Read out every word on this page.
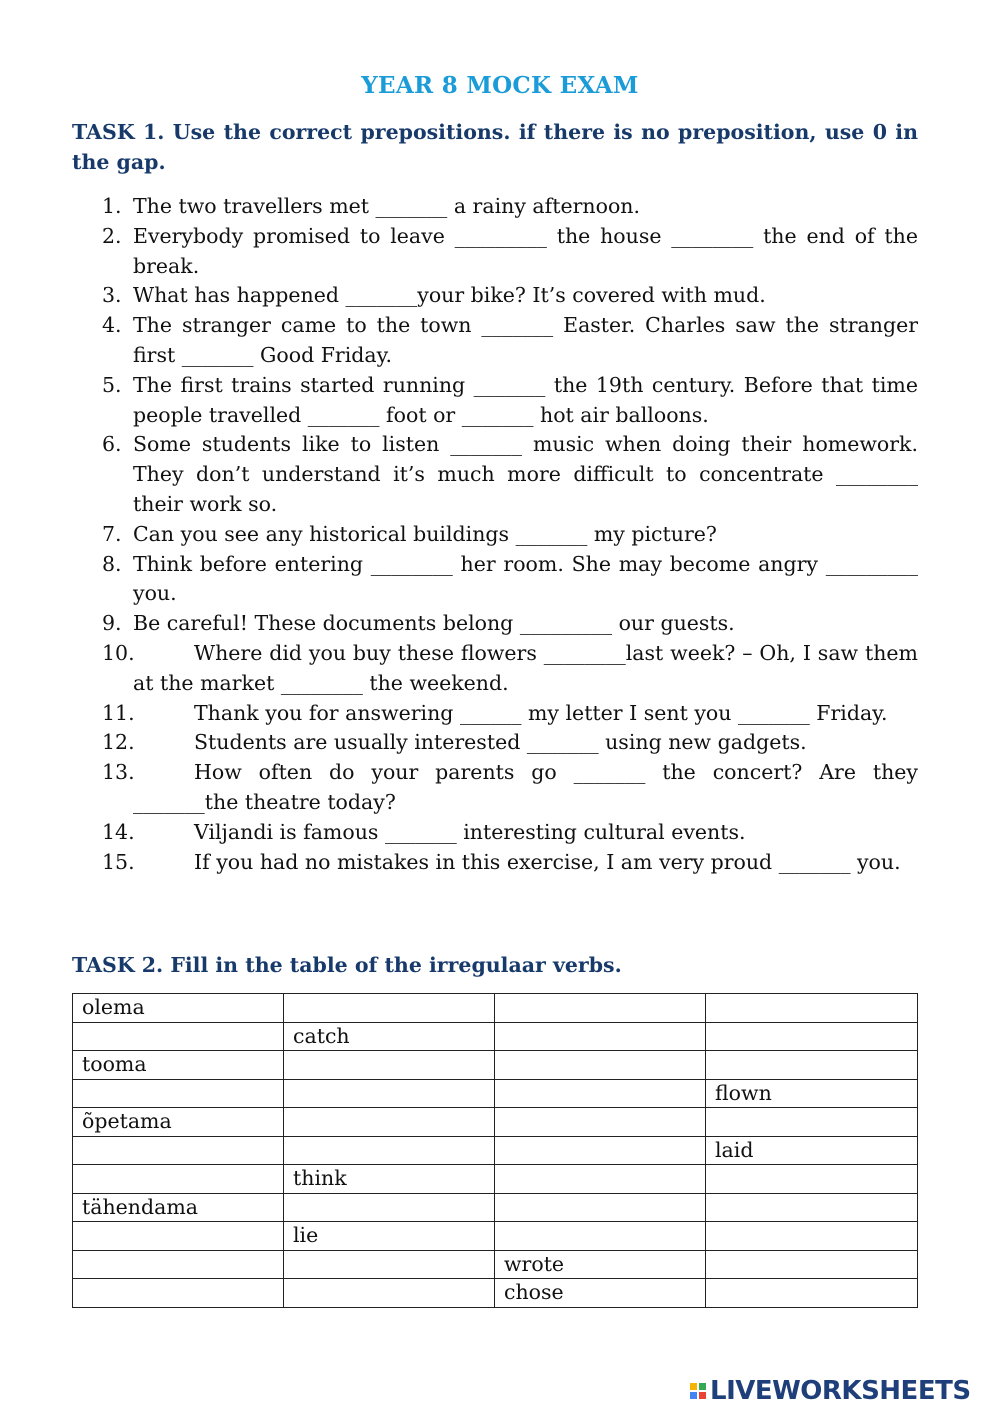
YEAR 8 MOCK EXAM
TASK 1. Use the correct prepositions. if there is no preposition, use 0 in the gap.
1. The two travellers met _______ a rainy afternoon.
2. Everybody promised to leave _________ the house ________ the end of the break.
3. What has happened _______your bike? It’s covered with mud.
4. The stranger came to the town _______ Easter. Charles saw the stranger first _______ Good Friday.
5. The first trains started running _______ the 19th century. Before that time people travelled _______ foot or _______ hot air balloons.
6. Some students like to listen _______ music when doing their homework. They don’t understand it’s much more difficult to concentrate ________ their work so.
7. Can you see any historical buildings _______ my picture?
8. Think before entering ________ her room. She may become angry _________ you.
9. Be careful! These documents belong _________ our guests.
10.	Where did you buy these flowers ________last week? – Oh, I saw them at the market ________ the weekend.
11.	Thank you for answering ______ my letter I sent you _______ Friday.
12.	Students are usually interested _______ using new gadgets.
13.	How often do your parents go _______ the concert? Are they _______the theatre today?
14.	Viljandi is famous _______ interesting cultural events.
15.	If you had no mistakes in this exercise, I am very proud _______ you.
TASK 2. Fill in the table of the irregulaar verbs.
olema			
	catch		
tooma			
			flown
õpetama			
			laid
	think		
tähendama			
	lie		
		wrote	
		chose	
LIVEWORKSHEETS
